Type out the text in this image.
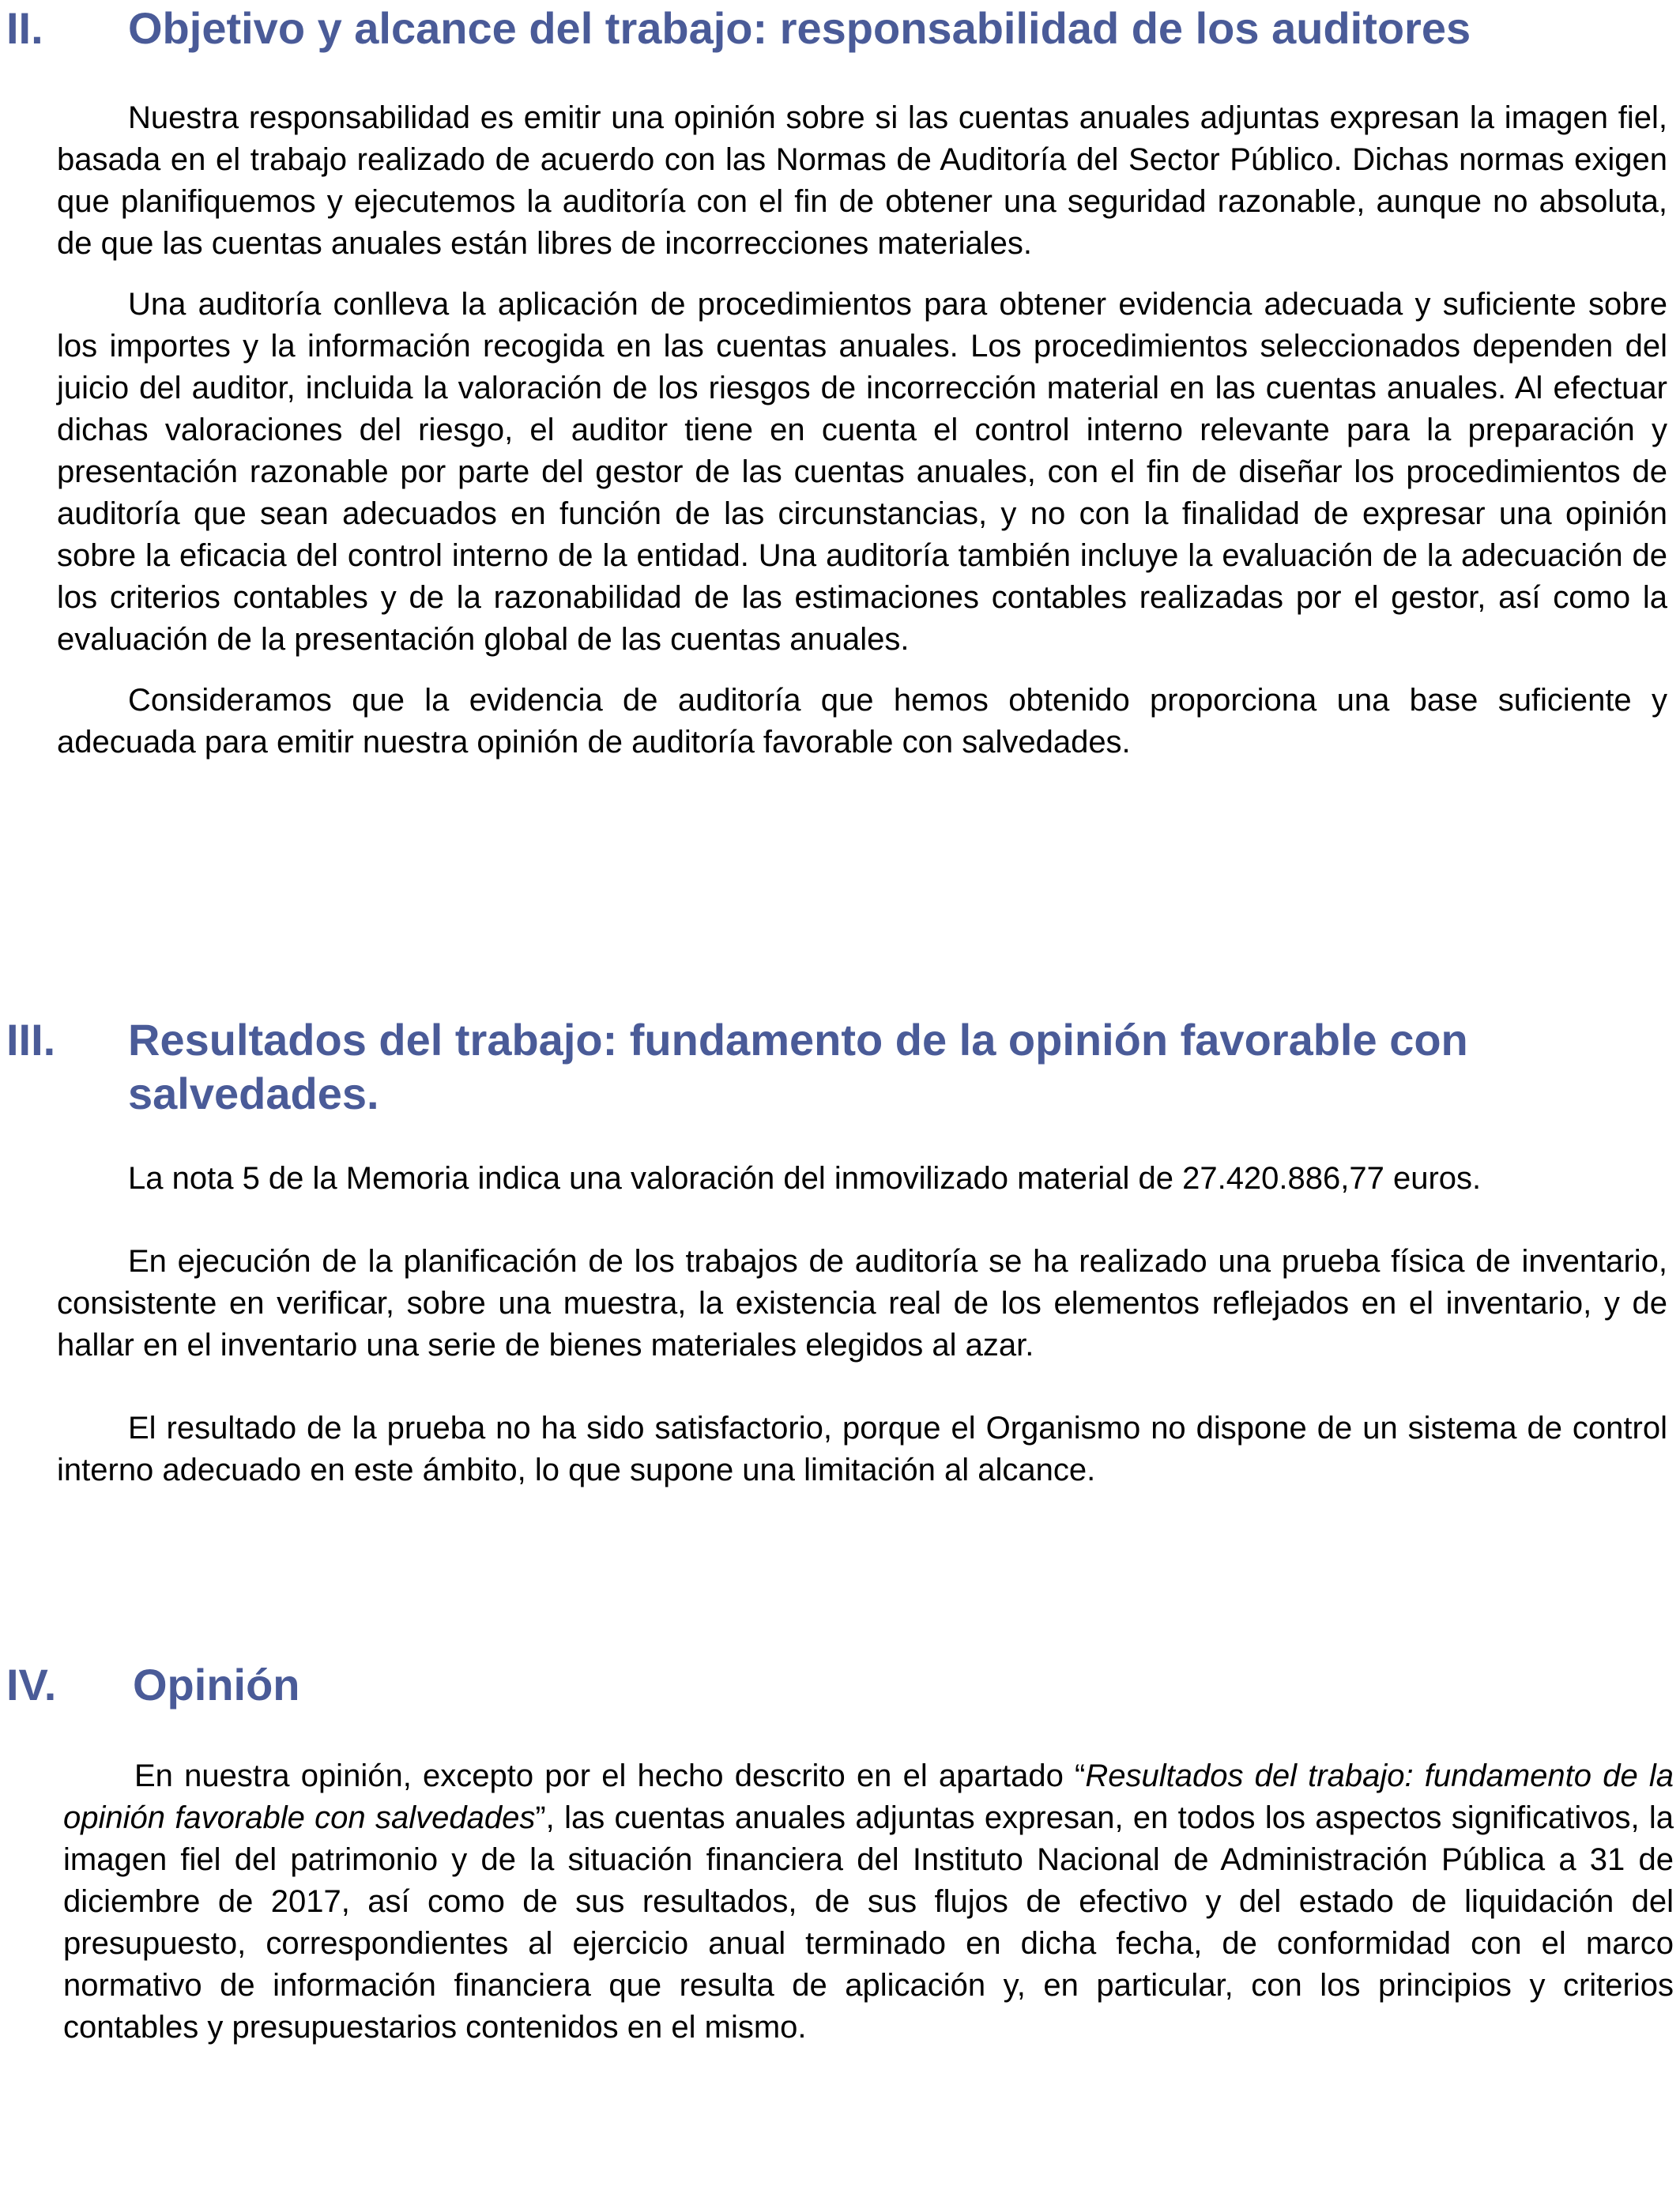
II. Objetivo y alcance del trabajo: responsabilidad de los auditores

Nuestra responsabilidad es emitir una opinión sobre si las cuentas anuales adjuntas expresan la imagen fiel, basada en el trabajo realizado de acuerdo con las Normas de Auditoría del Sector Público. Dichas normas exigen que planifiquemos y ejecutemos la auditoría con el fin de obtener una seguridad razonable, aunque no absoluta, de que las cuentas anuales están libres de incorrecciones materiales.

Una auditoría conlleva la aplicación de procedimientos para obtener evidencia adecuada y suficiente sobre los importes y la información recogida en las cuentas anuales. Los procedimientos seleccionados dependen del juicio del auditor, incluida la valoración de los riesgos de incorrección material en las cuentas anuales. Al efectuar dichas valoraciones del riesgo, el auditor tiene en cuenta el control interno relevante para la preparación y presentación razonable por parte del gestor de las cuentas anuales, con el fin de diseñar los procedimientos de auditoría que sean adecuados en función de las circunstancias, y no con la finalidad de expresar una opinión sobre la eficacia del control interno de la entidad. Una auditoría también incluye la evaluación de la adecuación de los criterios contables y de la razonabilidad de las estimaciones contables realizadas por el gestor, así como la evaluación de la presentación global de las cuentas anuales.

Consideramos que la evidencia de auditoría que hemos obtenido proporciona una base suficiente y adecuada para emitir nuestra opinión de auditoría favorable con salvedades.

III. Resultados del trabajo: fundamento de la opinión favorable con salvedades.

La nota 5 de la Memoria indica una valoración del inmovilizado material de 27.420.886,77 euros.

En ejecución de la planificación de los trabajos de auditoría se ha realizado una prueba física de inventario, consistente en verificar, sobre una muestra, la existencia real de los elementos reflejados en el inventario, y de hallar en el inventario una serie de bienes materiales elegidos al azar.

El resultado de la prueba no ha sido satisfactorio, porque el Organismo no dispone de un sistema de control interno adecuado en este ámbito, lo que supone una limitación al alcance.

IV. Opinión

En nuestra opinión, excepto por el hecho descrito en el apartado “Resultados del trabajo: fundamento de la opinión favorable con salvedades”, las cuentas anuales adjuntas expresan, en todos los aspectos significativos, la imagen fiel del patrimonio y de la situación financiera del Instituto Nacional de Administración Pública a 31 de diciembre de 2017, así como de sus resultados, de sus flujos de efectivo y del estado de liquidación del presupuesto, correspondientes al ejercicio anual terminado en dicha fecha, de conformidad con el marco normativo de información financiera que resulta de aplicación y, en particular, con los principios y criterios contables y presupuestarios contenidos en el mismo.
